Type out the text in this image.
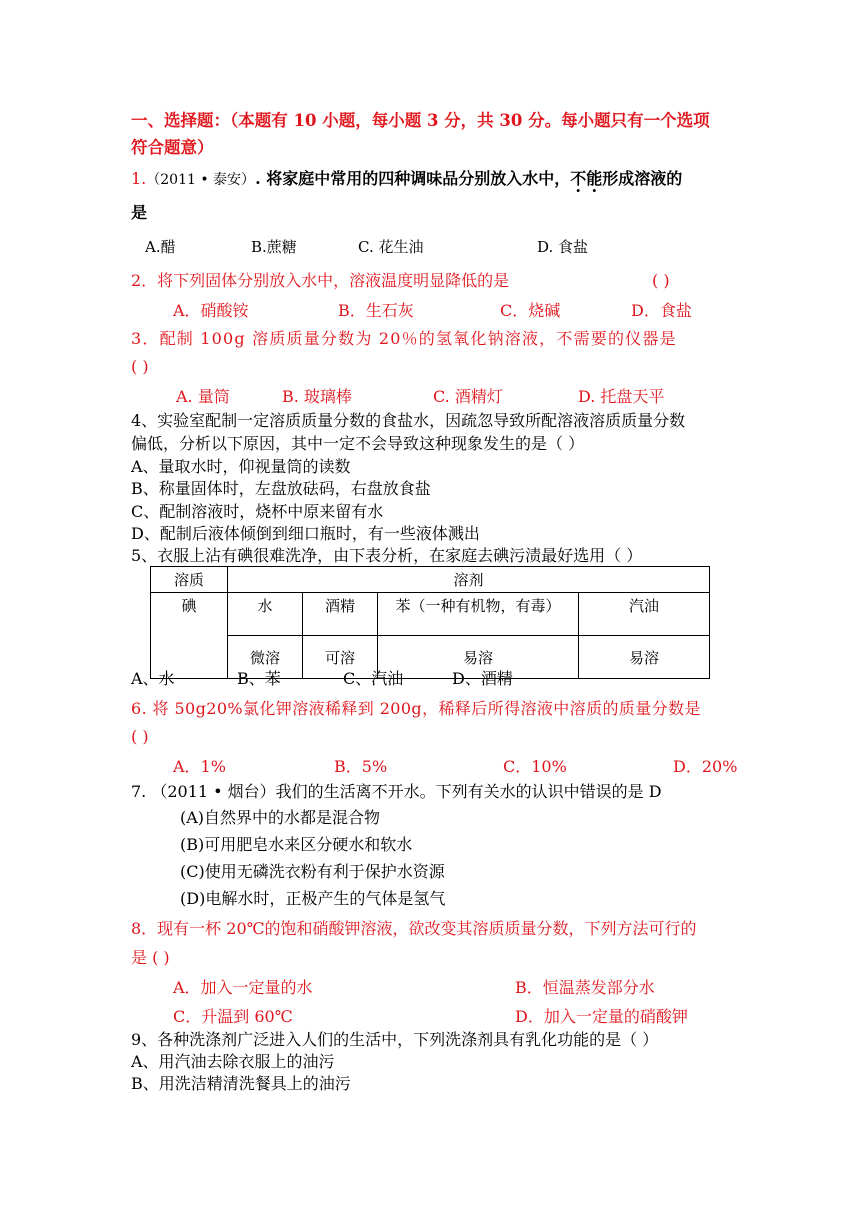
一、选择题：（本题有 10 小题，每小题 3 分，共 30 分。每小题只有一个选项
符合题意）
1.（2011 • 泰安）. 将家庭中常用的四种调味品分别放入水中，不能形成溶液的
是
A.醋	B.蔗糖	C. 花生油	D. 食盐
2．将下列固体分别放入水中，溶液温度明显降低的是	( )
A．硝酸铵	B．生石灰	C．烧碱	D．食盐
3．配制 100g 溶质质量分数为 20％的氢氧化钠溶液，不需要的仪器是
( )
A. 量筒	B. 玻璃棒	C. 酒精灯	D. 托盘天平
4、实验室配制一定溶质质量分数的食盐水，因疏忽导致所配溶液溶质质量分数
偏低，分析以下原因，其中一定不会导致这种现象发生的是（ ）
A、量取水时，仰视量筒的读数
B、称量固体时，左盘放砝码，右盘放食盐
C、配制溶液时，烧杯中原来留有水
D、配制后液体倾倒到细口瓶时，有一些液体溅出
5、衣服上沾有碘很难洗净，由下表分析，在家庭去碘污渍最好选用（ ）
溶质	溶剂			
碘	水	酒精	苯（一种有机物，有毒）	汽油
	微溶	可溶	易溶	易溶
A、水	B、苯	C、汽油	D、酒精
6. 将 50g20%氯化钾溶液稀释到 200g，稀释后所得溶液中溶质的质量分数是
( )
A．1%	B．5%	C．10%	D．20%
7. （2011 • 烟台）我们的生活离不开水。下列有关水的认识中错误的是 D
(A)自然界中的水都是混合物
(B)可用肥皂水来区分硬水和软水
(C)使用无磷洗衣粉有利于保护水资源
(D)电解水时，正极产生的气体是氢气
8．现有一杯 20℃的饱和硝酸钾溶液，欲改变其溶质质量分数，下列方法可行的
是 ( )
A．加入一定量的水	B．恒温蒸发部分水
C．升温到 60℃	D．加入一定量的硝酸钾
9、各种洗涤剂广泛进入人们的生活中，下列洗涤剂具有乳化功能的是（ ）
A、用汽油去除衣服上的油污
B、用洗洁精清洗餐具上的油污
